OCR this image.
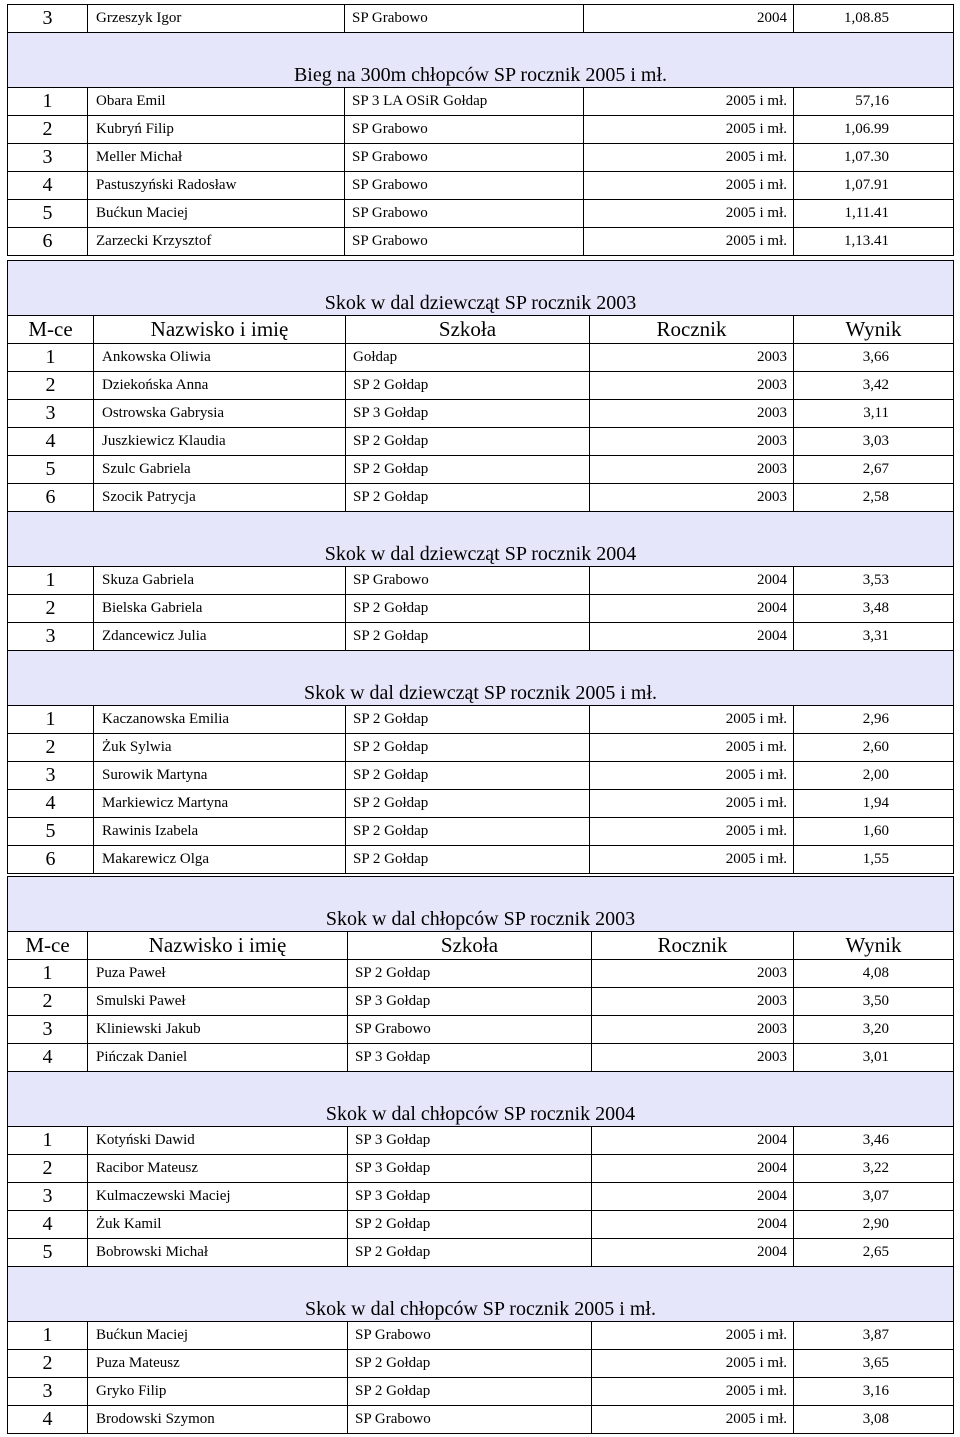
3	Grzeszyk Igor	SP Grabowo	2004	1,08.85
Bieg na 300m chłopców SP rocznik 2005 i mł.				
1	Obara Emil	SP 3 LA OSiR Gołdap	2005 i mł.	57,16
2	Kubryń Filip	SP Grabowo	2005 i mł.	1,06.99
3	Meller Michał	SP Grabowo	2005 i mł.	1,07.30
4	Pastuszyński Radosław	SP Grabowo	2005 i mł.	1,07.91
5	Bućkun Maciej	SP Grabowo	2005 i mł.	1,11.41
6	Zarzecki Krzysztof	SP Grabowo	2005 i mł.	1,13.41
Skok w dal dziewcząt SP rocznik 2003				
M-ce	Nazwisko i imię	Szkoła	Rocznik	Wynik
1	Ankowska Oliwia	Gołdap	2003	3,66
2	Dziekońska Anna	SP 2 Gołdap	2003	3,42
3	Ostrowska Gabrysia	SP 3 Gołdap	2003	3,11
4	Juszkiewicz Klaudia	SP 2 Gołdap	2003	3,03
5	Szulc Gabriela	SP 2 Gołdap	2003	2,67
6	Szocik Patrycja	SP 2 Gołdap	2003	2,58
Skok w dal dziewcząt SP rocznik 2004				
1	Skuza Gabriela	SP Grabowo	2004	3,53
2	Bielska Gabriela	SP 2 Gołdap	2004	3,48
3	Zdancewicz Julia	SP 2 Gołdap	2004	3,31
Skok w dal dziewcząt SP rocznik 2005 i mł.				
1	Kaczanowska Emilia	SP 2 Gołdap	2005 i mł.	2,96
2	Żuk Sylwia	SP 2 Gołdap	2005 i mł.	2,60
3	Surowik Martyna	SP 2 Gołdap	2005 i mł.	2,00
4	Markiewicz Martyna	SP 2 Gołdap	2005 i mł.	1,94
5	Rawinis Izabela	SP 2 Gołdap	2005 i mł.	1,60
6	Makarewicz Olga	SP 2 Gołdap	2005 i mł.	1,55
Skok w dal chłopców SP rocznik 2003				
M-ce	Nazwisko i imię	Szkoła	Rocznik	Wynik
1	Puza Paweł	SP 2 Gołdap	2003	4,08
2	Smulski Paweł	SP 3 Gołdap	2003	3,50
3	Kliniewski Jakub	SP Grabowo	2003	3,20
4	Pińczak Daniel	SP 3 Gołdap	2003	3,01
Skok w dal chłopców SP rocznik 2004				
1	Kotyński Dawid	SP 3 Gołdap	2004	3,46
2	Racibor Mateusz	SP 3 Gołdap	2004	3,22
3	Kulmaczewski Maciej	SP 3 Gołdap	2004	3,07
4	Żuk Kamil	SP 2 Gołdap	2004	2,90
5	Bobrowski Michał	SP 2 Gołdap	2004	2,65
Skok w dal chłopców SP rocznik 2005 i mł.				
1	Bućkun Maciej	SP Grabowo	2005 i mł.	3,87
2	Puza Mateusz	SP 2 Gołdap	2005 i mł.	3,65
3	Gryko Filip	SP 2 Gołdap	2005 i mł.	3,16
4	Brodowski Szymon	SP Grabowo	2005 i mł.	3,08
